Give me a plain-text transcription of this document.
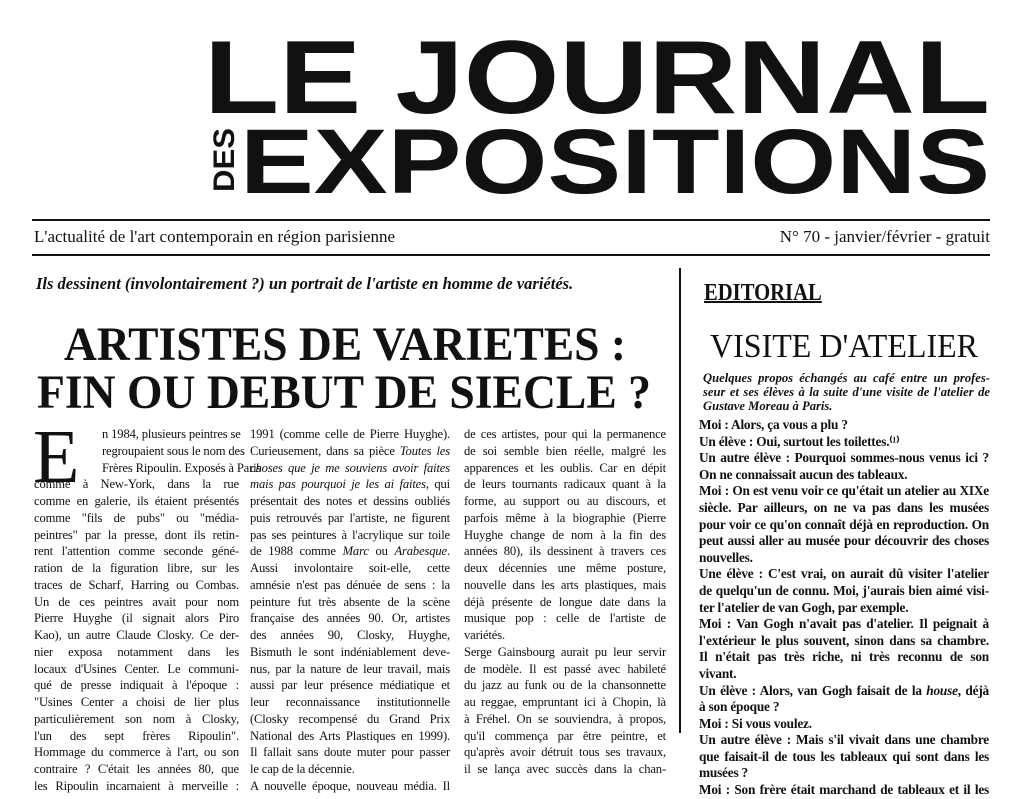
LE JOURNAL
DES EXPOSITIONS
L'actualité de l'art contemporain en région parisienne	N° 70 - janvier/février - gratuit
Ils dessinent (involontairement ?) un portrait de l'artiste en homme de variétés.
ARTISTES DE VARIETES :
FIN OU DEBUT DE SIECLE ?
E n 1984, plusieurs peintres se
regroupaient sous le nom des
Frères Ripoulin. Exposés à Paris
comme à New-York, dans la rue
comme en galerie, ils étaient présentés
comme "fils de pubs" ou "média-
peintres" par la presse, dont ils retin-
rent l'attention comme seconde géné-
ration de la figuration libre, sur les
traces de Scharf, Harring ou Combas.
Un de ces peintres avait pour nom
Pierre Huyghe (il signait alors Piro
Kao), un autre Claude Closky. Ce der-
nier exposa notamment dans les
locaux d'Usines Center. Le communi-
qué de presse indiquait à l'époque :
"Usines Center a choisi de lier plus
particulièrement son nom à Closky,
l'un des sept frères Ripoulin".
Hommage du commerce à l'art, ou son
contraire ? C'était les années 80, que
les Ripoulin incarnaient à merveille :
1991 (comme celle de Pierre Huyghe).
Curieusement, dans sa pièce Toutes les
choses que je me souviens avoir faites
mais pas pourquoi je les ai faites, qui
présentait des notes et dessins oubliés
puis retrouvés par l'artiste, ne figurent
pas ses peintures à l'acrylique sur toile
de 1988 comme Marc ou Arabesque.
Aussi involontaire soit-elle, cette
amnésie n'est pas dénuée de sens : la
peinture fut très absente de la scène
française des années 90. Or, artistes
des années 90, Closky, Huyghe,
Bismuth le sont indéniablement deve-
nus, par la nature de leur travail, mais
aussi par leur présence médiatique et
leur reconnaissance institutionnelle
(Closky recompensé du Grand Prix
National des Arts Plastiques en 1999).
Il fallait sans doute muter pour passer
le cap de la décennie.
A nouvelle époque, nouveau média. Il
de ces artistes, pour qui la permanence
de soi semble bien réelle, malgré les
apparences et les oublis. Car en dépit
de leurs tournants radicaux quant à la
forme, au support ou au discours, et
parfois même à la biographie (Pierre
Huyghe change de nom à la fin des
années 80), ils dessinent à travers ces
deux décennies une même posture,
nouvelle dans les arts plastiques, mais
déjà présente de longue date dans la
musique pop : celle de l'artiste de
variétés.
Serge Gainsbourg aurait pu leur servir
de modèle. Il est passé avec habileté
du jazz au funk ou de la chansonnette
au reggae, empruntant ici à Chopin, là
à Fréhel. On se souviendra, à propos,
qu'il commença par être peintre, et
qu'après avoir détruit tous ses travaux,
il se lança avec succès dans la chan-
EDITORIAL
VISITE D'ATELIER
Quelques propos échangés au café entre un profes-
seur et ses élèves à la suite d'une visite de l'atelier de
Gustave Moreau à Paris.
Moi : Alors, ça vous a plu ?
Un élève : Oui, surtout les toilettes.⁽¹⁾
Un autre élève : Pourquoi sommes-nous venus ici ?
On ne connaissait aucun des tableaux.
Moi : On est venu voir ce qu'était un atelier au XIXe
siècle. Par ailleurs, on ne va pas dans les musées
pour voir ce qu'on connaît déjà en reproduction. On
peut aussi aller au musée pour découvrir des choses
nouvelles.
Une élève : C'est vrai, on aurait dû visiter l'atelier
de quelqu'un de connu. Moi, j'aurais bien aimé visi-
ter l'atelier de van Gogh, par exemple.
Moi : Van Gogh n'avait pas d'atelier. Il peignait à
l'extérieur le plus souvent, sinon dans sa chambre.
Il n'était pas très riche, ni très reconnu de son
vivant.
Un élève : Alors, van Gogh faisait de la house, déjà
à son époque ?
Moi : Si vous voulez.
Un autre élève : Mais s'il vivait dans une chambre
que faisait-il de tous les tableaux qui sont dans les
musées ?
Moi : Son frère était marchand de tableaux et il les
